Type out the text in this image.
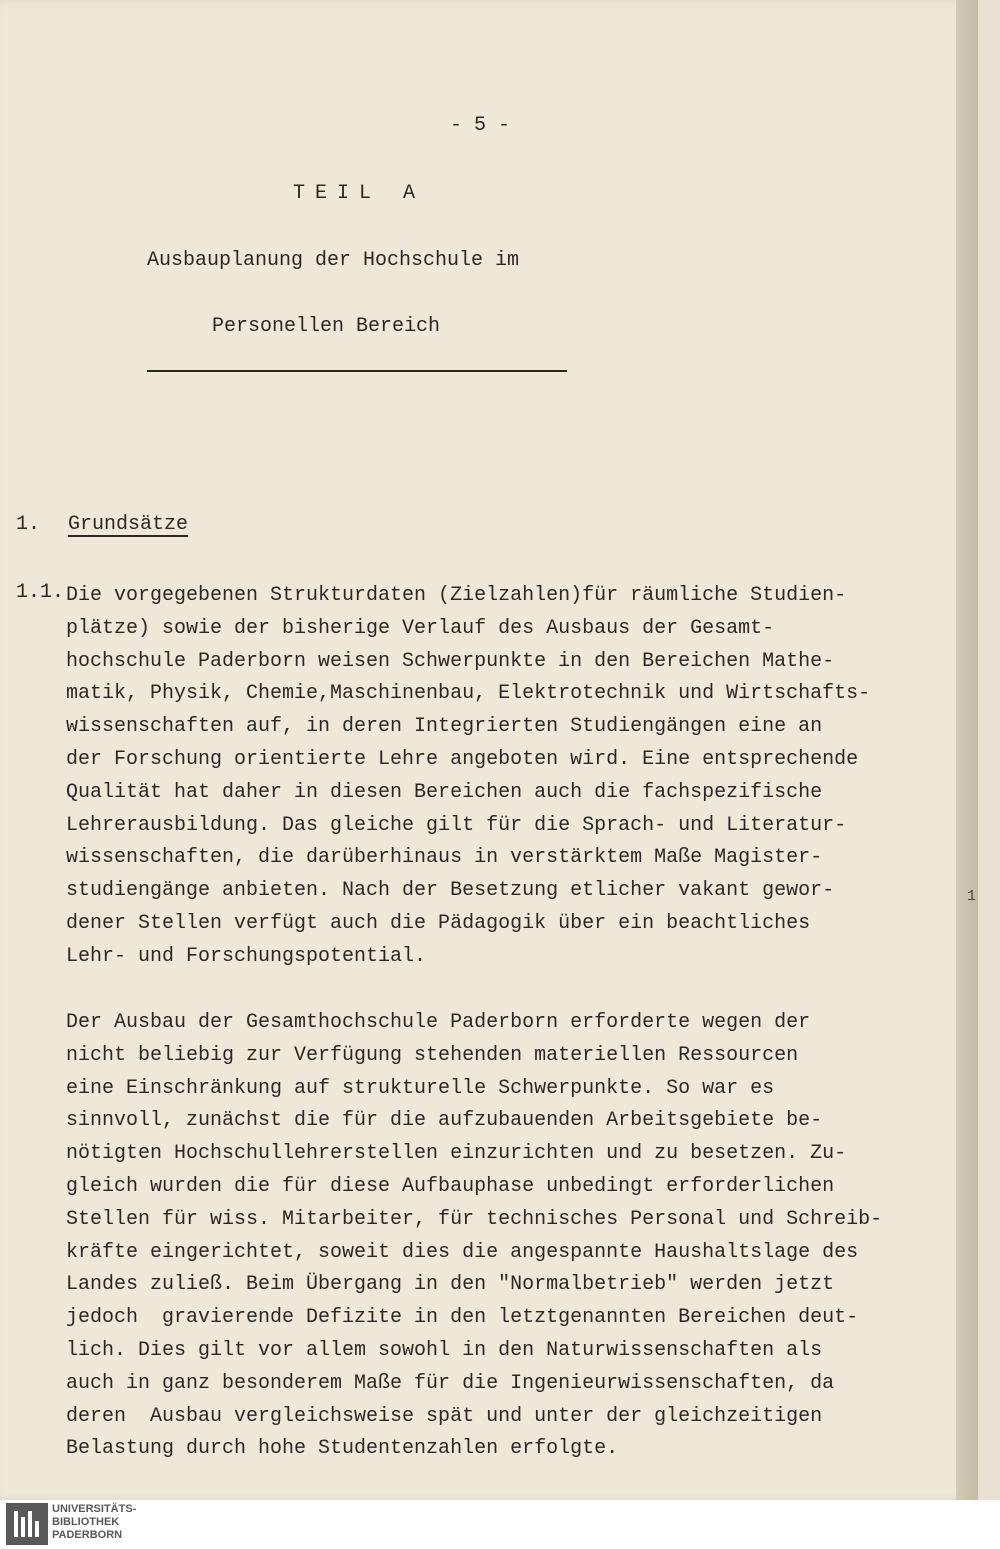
1
- 5 -
TEIL A
Ausbauplanung der Hochschule im
Personellen Bereich
1. Grundsätze
1.1. Die vorgegebenen Strukturdaten (Zielzahlen)für räumliche Studien-
plätze) sowie der bisherige Verlauf des Ausbaus der Gesamt-
hochschule Paderborn weisen Schwerpunkte in den Bereichen Mathe-
matik, Physik, Chemie,Maschinenbau, Elektrotechnik und Wirtschafts-
wissenschaften auf, in deren Integrierten Studiengängen eine an
der Forschung orientierte Lehre angeboten wird. Eine entsprechende
Qualität hat daher in diesen Bereichen auch die fachspezifische
Lehrerausbildung. Das gleiche gilt für die Sprach- und Literatur-
wissenschaften, die darüberhinaus in verstärktem Maße Magister-
studiengänge anbieten. Nach der Besetzung etlicher vakant gewor-
dener Stellen verfügt auch die Pädagogik über ein beachtliches
Lehr- und Forschungspotential.
Der Ausbau der Gesamthochschule Paderborn erforderte wegen der
nicht beliebig zur Verfügung stehenden materiellen Ressourcen
eine Einschränkung auf strukturelle Schwerpunkte. So war es
sinnvoll, zunächst die für die aufzubauenden Arbeitsgebiete be-
nötigten Hochschullehrerstellen einzurichten und zu besetzen. Zu-
gleich wurden die für diese Aufbauphase unbedingt erforderlichen
Stellen für wiss. Mitarbeiter, für technisches Personal und Schreib-
kräfte eingerichtet, soweit dies die angespannte Haushaltslage des
Landes zuließ. Beim Übergang in den "Normalbetrieb" werden jetzt
jedoch  gravierende Defizite in den letztgenannten Bereichen deut-
lich. Dies gilt vor allem sowohl in den Naturwissenschaften als
auch in ganz besonderem Maße für die Ingenieurwissenschaften, da
deren  Ausbau vergleichsweise spät und unter der gleichzeitigen
Belastung durch hohe Studentenzahlen erfolgte.
UNIVERSITÄTS-
BIBLIOTHEK
PADERBORN
